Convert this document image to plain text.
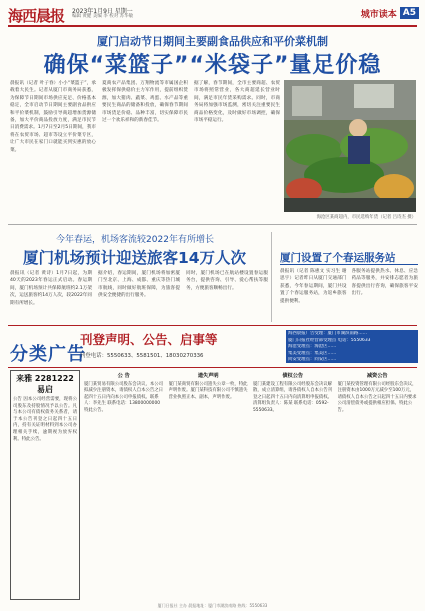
海西晨报	2023年1月9日 星期一
编辑 黄健 美编 李 校对 苏华敏	城市读本 A5
厦门启动节日期间主要副食品供应和平价菜机制
确保“菜篮子”“米袋子”量足价稳
晨报讯（记者 叶子春）小小“菜篮子”，承载着大民生。记者从厦门市商务局获悉，为保障节日期间市场供应充足、价格基本稳定，全市启动节日期间主要副食品供应和平价菜机制，鼓励引导商超增加货源储备，加大平价商品投放力度，满足市民节日消费需求。1月7日至2月5日期间，我市将在农贸市场、超市等设立平价菜专区，让广大市民在家门口就能买到实惠的放心菜。
夏商农产品集团、万翔物流等市属国企积极发挥保供稳价主力军作用，提前组织货源，加大猪肉、蔬菜、鸡蛋、水产品等重要民生商品的储备和投放，确保春节期间市场货足价稳、品种丰富，切实保障市民过一个欢乐祥和的新春佳节。
据了解，春节期间，全市主要商超、农贸市场将照常营业，各大商超延长营业时间，满足市民年货采购需求。同时，市商务局将加强市场监测，密切关注重要民生商品价格变化，及时做好市场调控，确保市场平稳运行。
海沧区某商超内，市民选购年货（记者 吕诗杰 摄）
今年春运，机场客流较2022年有所增长
厦门机场预计迎送旅客14万人次
晨报讯（记者 黄诗）1月7日起，为期40天的2023年春运正式启动。春运期间，厦门机场预计共保障航班约2.1万架次，运送旅客约14万人次，较2022年同期有所增长。
据介绍，春运期间，厦门机场将加密厦门至北京、上海、成都、重庆等热门城市航线，同时做好航班保障，为旅客提供安全便捷的出行服务。
同时，厦门机场已在航站楼设置春运服务台，提供咨询、引导、爱心帮扶等服务，方便旅客顺畅出行。
厦门设置了个春运服务站
晨报讯（记者 陈惠文 实习生 谢思宇）记者昨日从厦门交通部门获悉，今年春运期间，厦门共设置了个春运服务站，为返乡旅客提供便利。
各服务站提供热水、休息、应急药品等服务，并安排志愿者为旅客提供出行咨询，确保旅客平安出行。
分类广告
刊登声明、公告、启事等
刊登电话：5550633、5581501、18030270336
海西晨报广告受理：厦门市湖滨南路……
厦门日报社经营部受理点 电话：5550633
海沧受理点：海沧区……
集美受理点：集美区……
同安受理点：同安区……
来雅 2281222 易启
公告 因本公司经营需要，现将公司股东及持股情况予以公告。凡与本公司有债权债务关系者，请于本公告刊登之日起四十五日内，持有关证明材料到本公司办理相关手续，逾期视为放弃权利。特此公告。
公 告
厦门某贸易有限公司股东会决议，本公司拟减少注册资本，请债权人自本公告之日起四十五日内向本公司申报债权。联系人：李先生 联系电话：13800000000 特此公告。
遗失声明
厦门某商贸有限公司遗失公章一枚，特此声明作废。厦门某科技有限公司不慎遗失营业执照正本、副本，声明作废。
债权公告
厦门某建设工程有限公司经股东会决议解散，成立清算组，请各债权人自本公告刊登之日起四十五日内向清算组申报债权。清算组负责人：陈某 联系电话：0592-5550633。
减资公告
厦门某投资管理有限公司经股东会决议，注册资本由1000万元减少至100万元，请债权人自本公告之日起四十五日内要求公司清偿债务或提供相应担保。特此公告。
厦门日报社 主办 晨报地址：厦门市湖滨南路 热线：5550633
